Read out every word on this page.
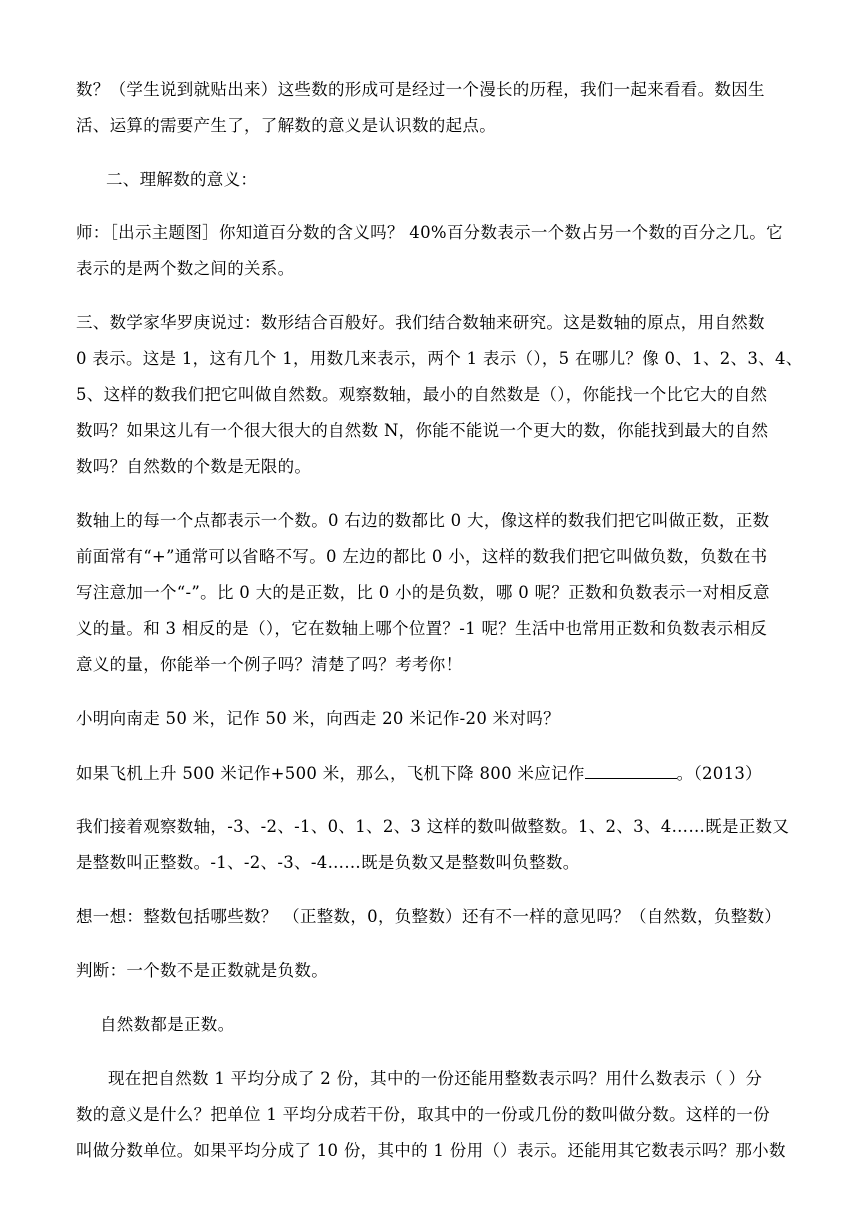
数？（学生说到就贴出来）这些数的形成可是经过一个漫长的历程，我们一起来看看。数因生
活、运算的需要产生了，了解数的意义是认识数的起点。
二、理解数的意义：
师：［出示主题图］你知道百分数的含义吗？ 40%百分数表示一个数占另一个数的百分之几。它
表示的是两个数之间的关系。
三、数学家华罗庚说过：数形结合百般好。我们结合数轴来研究。这是数轴的原点，用自然数
0 表示。这是 1，这有几个 1，用数几来表示，两个 1 表示（），5 在哪儿？像 0、1、2、3、4、
5、这样的数我们把它叫做自然数。观察数轴，最小的自然数是（），你能找一个比它大的自然
数吗？如果这儿有一个很大很大的自然数 N，你能不能说一个更大的数，你能找到最大的自然
数吗？自然数的个数是无限的。
数轴上的每一个点都表示一个数。0 右边的数都比 0 大，像这样的数我们把它叫做正数，正数
前面常有“+”通常可以省略不写。0 左边的都比 0 小，这样的数我们把它叫做负数，负数在书
写注意加一个“-”。比 0 大的是正数，比 0 小的是负数，哪 0 呢？正数和负数表示一对相反意
义的量。和 3 相反的是（），它在数轴上哪个位置？-1 呢？生活中也常用正数和负数表示相反
意义的量，你能举一个例子吗？清楚了吗？考考你！
小明向南走 50 米，记作 50 米，向西走 20 米记作-20 米对吗？
如果飞机上升 500 米记作+500 米，那么，飞机下降 800 米应记作	。（2013）
我们接着观察数轴，-3、-2、-1、0、1、2、3 这样的数叫做整数。1、2、3、4……既是正数又
是整数叫正整数。-1、-2、-3、-4……既是负数又是整数叫负整数。
想一想：整数包括哪些数？ （正整数，0，负整数）还有不一样的意见吗？（自然数，负整数）
判断：一个数不是正数就是负数。
自然数都是正数。
现在把自然数 1 平均分成了 2 份，其中的一份还能用整数表示吗？用什么数表示（ ）分
数的意义是什么？把单位 1 平均分成若干份，取其中的一份或几份的数叫做分数。这样的一份
叫做分数单位。如果平均分成了 10 份，其中的 1 份用（）表示。还能用其它数表示吗？那小数
